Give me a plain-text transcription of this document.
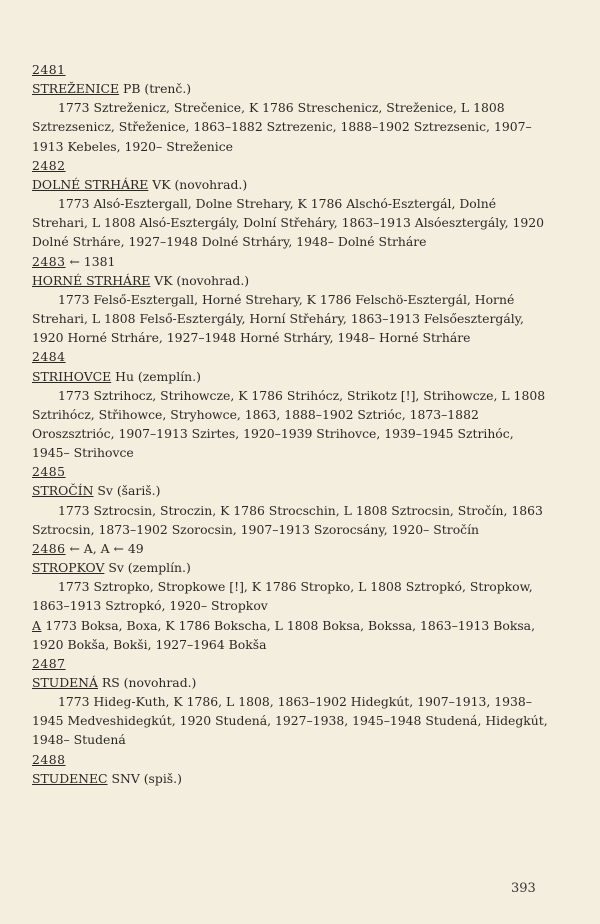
2481
STREŽENICE PB (trenč.)

1773 Sztreženicz, Strečenice, K 1786 Streschenicz, Streženice, L 1808 Sztrezsenicz, Střeženice, 1863–1882 Sztrezenic, 1888–1902 Sztrezsenic, 1907–1913 Kebeles, 1920– Streženice

2482
DOLNÉ STRHÁRE VK (novohrad.)

1773 Alsó-Esztergall, Dolne Strehary, K 1786 Alschó-Esztergál, Dolné Strehari, L 1808 Alsó-Esztergály, Dolní Střeháry, 1863–1913 Alsóesztergály, 1920 Dolné Strháre, 1927–1948 Dolné Strháry, 1948– Dolné Strháre

2483 ← 1381
HORNÉ STRHÁRE VK (novohrad.)

1773 Felső-Esztergall, Horné Strehary, K 1786 Felschö-Esztergál, Horné Strehari, L 1808 Felső-Esztergály, Horní Střeháry, 1863–1913 Felsőesztergály, 1920 Horné Strháre, 1927–1948 Horné Strháry, 1948– Horné Strháre

2484
STRIHOVCE Hu (zemplín.)

1773 Sztrihocz, Strihowcze, K 1786 Strihócz, Strikotz [!], Strihowcze, L 1808 Sztrihócz, Střihowce, Stryhowce, 1863, 1888–1902 Sztrióc, 1873–1882 Oroszsztrióc, 1907–1913 Szirtes, 1920–1939 Strihovce, 1939–1945 Sztrihóc, 1945– Strihovce

2485
STROČÍN Sv (šariš.)

1773 Sztrocsin, Stroczin, K 1786 Strocschin, L 1808 Sztrocsin, Stročín, 1863 Sztrocsin, 1873–1902 Szorocsin, 1907–1913 Szorocsány, 1920– Stročín

2486 ← A, A ← 49
STROPKOV Sv (zemplín.)

1773 Sztropko, Stropkowe [!], K 1786 Stropko, L 1808 Sztropkó, Stropkow, 1863–1913 Sztropkó, 1920– Stropkov

A 1773 Boksa, Boxa, K 1786 Bokscha, L 1808 Boksa, Bokssa, 1863–1913 Boksa, 1920 Bokša, Bokši, 1927–1964 Bokša

2487
STUDENÁ RS (novohrad.)

1773 Hideg-Kuth, K 1786, L 1808, 1863–1902 Hidegkút, 1907–1913, 1938–1945 Medveshidegkút, 1920 Studená, 1927–1938, 1945–1948 Studená, Hidegkút, 1948– Studená

2488
STUDENEC SNV (spiš.)
393
